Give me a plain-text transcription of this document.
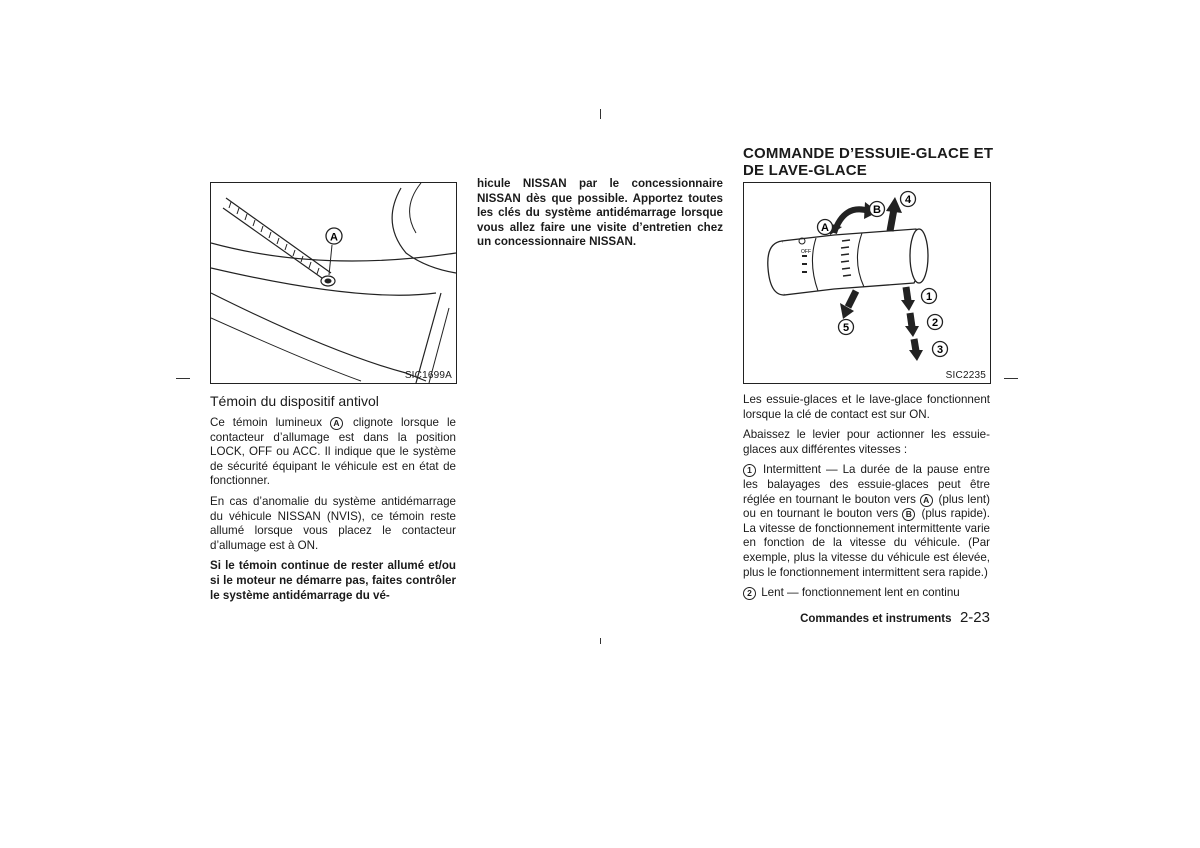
A
SIC1699A
Témoin du dispositif antivol

Ce témoin lumineux A clignote lorsque le contacteur d’allumage est dans la position LOCK, OFF ou ACC. Il indique que le système de sécurité équipant le véhicule est en état de fonctionner.

En cas d’anomalie du système antidémarrage du véhicule NISSAN (NVIS), ce témoin reste allumé lorsque vous placez le contacteur d’allumage est à ON.

Si le témoin continue de rester allumé et/ou si le moteur ne démarre pas, faites contrôler le système antidémarrage du vé-

hicule NISSAN par le concessionnaire NISSAN dès que possible. Apportez toutes les clés du système antidémarrage lorsque vous allez faire une visite d’entretien chez un concessionnaire NISSAN.

COMMANDE D’ESSUIE-GLACE ET
DE LAVE-GLACE
OFF
A
B
1
2
3
4
5
SIC2235

Les essuie-glaces et le lave-glace fonctionnent lorsque la clé de contact est sur ON.

Abaissez le levier pour actionner les essuie-glaces aux différentes vitesses :

1 Intermittent — La durée de la pause entre les balayages des essuie-glaces peut être réglée en tournant le bouton vers A (plus lent) ou en tournant le bouton vers B (plus rapide). La vitesse de fonctionnement intermittente varie en fonction de la vitesse du véhicule. (Par exemple, plus la vitesse du véhicule est élevée, plus le fonctionnement intermittent sera rapide.)

2 Lent — fonctionnement lent en continu

Commandes et instruments 2-23
